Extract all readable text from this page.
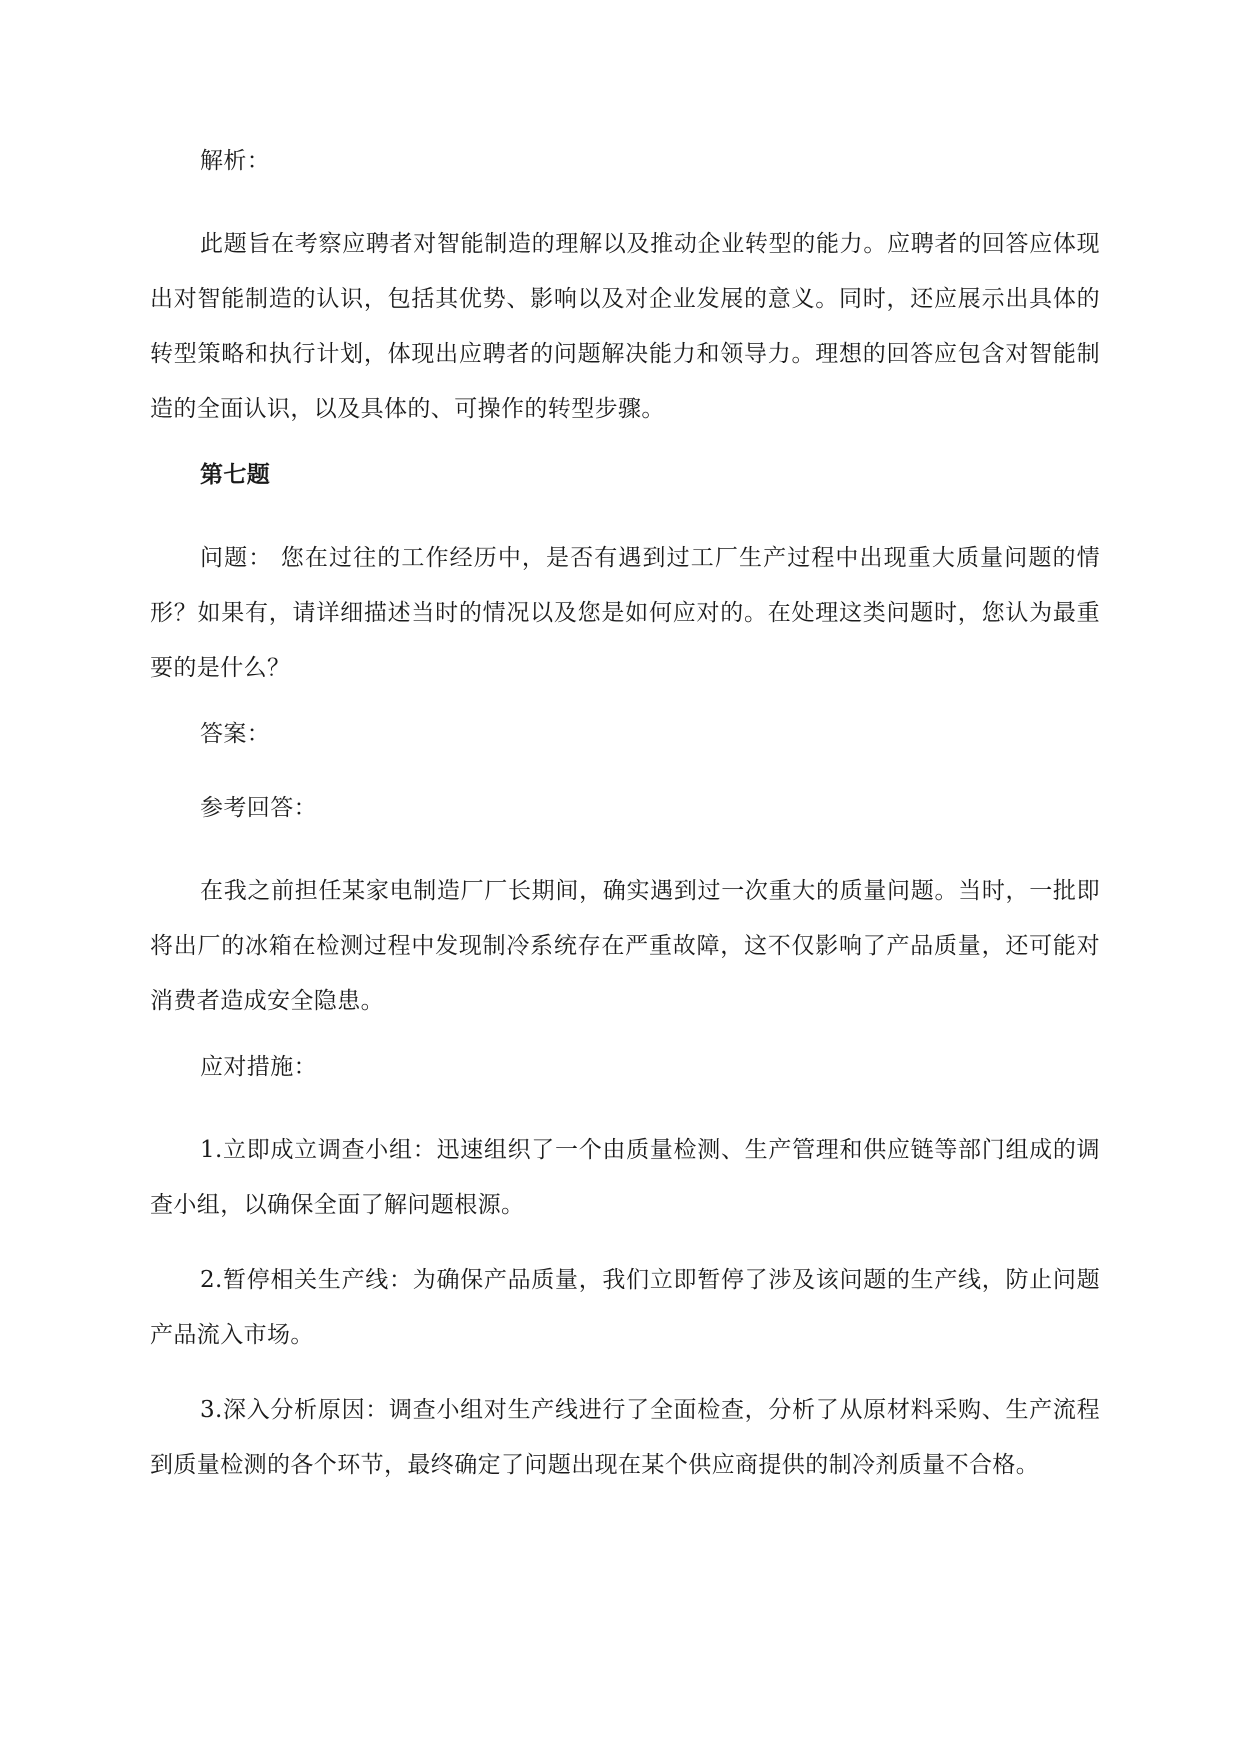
解析：

此题旨在考察应聘者对智能制造的理解以及推动企业转型的能力。应聘者的回答应体现出对智能制造的认识，包括其优势、影响以及对企业发展的意义。同时，还应展示出具体的转型策略和执行计划，体现出应聘者的问题解决能力和领导力。理想的回答应包含对智能制造的全面认识，以及具体的、可操作的转型步骤。

第七题

问题： 您在过往的工作经历中，是否有遇到过工厂生产过程中出现重大质量问题的情形？如果有，请详细描述当时的情况以及您是如何应对的。在处理这类问题时，您认为最重要的是什么？

答案：

参考回答：

在我之前担任某家电制造厂厂长期间，确实遇到过一次重大的质量问题。当时，一批即将出厂的冰箱在检测过程中发现制冷系统存在严重故障，这不仅影响了产品质量，还可能对消费者造成安全隐患。

应对措施：

1.立即成立调查小组：迅速组织了一个由质量检测、生产管理和供应链等部门组成的调查小组，以确保全面了解问题根源。

2.暂停相关生产线：为确保产品质量，我们立即暂停了涉及该问题的生产线，防止问题产品流入市场。

3.深入分析原因：调查小组对生产线进行了全面检查，分析了从原材料采购、生产流程到质量检测的各个环节，最终确定了问题出现在某个供应商提供的制冷剂质量不合格。
